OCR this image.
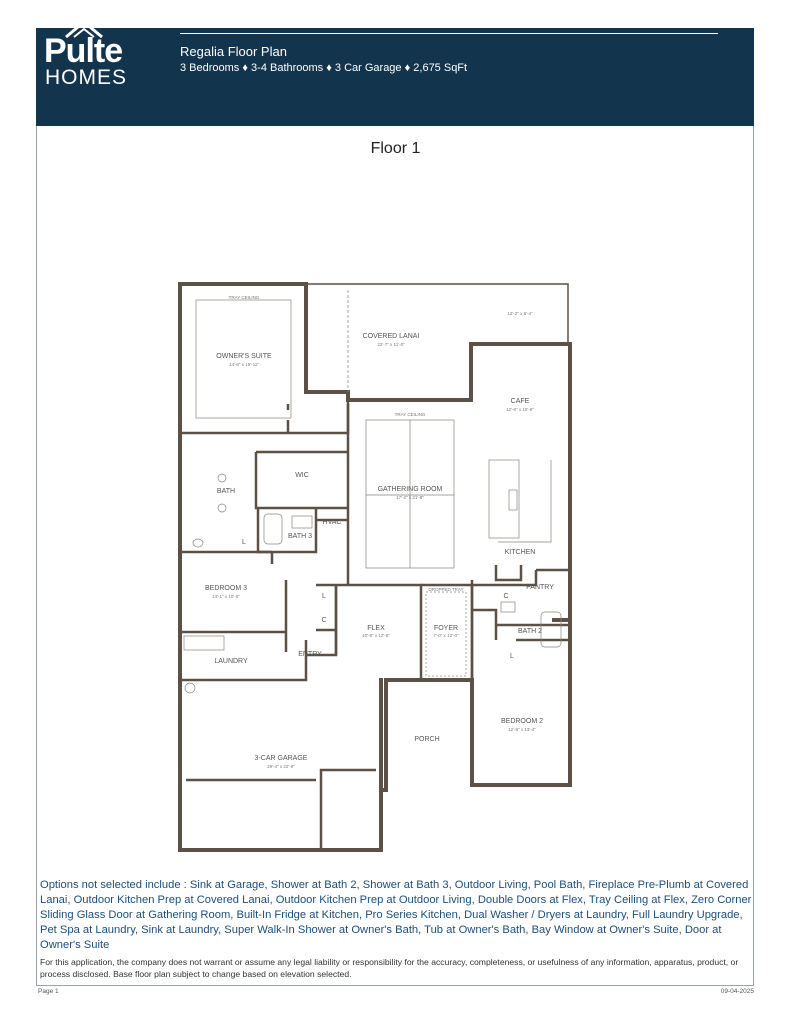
Pulte
HOMES
VIVID SHORES
Regalia Floor Plan
3 Bedrooms ♦ 3-4 Bathrooms ♦ 3 Car Garage ♦ 2,675 SqFt
Floor 1
TRAY CEILING
OWNER'S SUITE
14'-8" x 15'-11"
COVERED LANAI
22'-7" x 11'-0"
12'-2" x 6'-4"
CAFE
12'-8" x 15'-9"
TRAY CEILING
GATHERING ROOM
17'-2" x 21'-8"
WIC
BATH
BATH 3
HVAC
KITCHEN
PANTRY
BEDROOM 3
14'-1" x 10'-0"
DROPPED TRAY
FLEX
10'-9" x 12'-6"
FOYER
7'-0" x 12'-0"
BATH 2
LAUNDRY
ENTRY
BEDROOM 2
12'-8" x 13'-4"
PORCH
3-CAR GARAGE
29'-4" x 22'-9"
L
L
C
C
L
Options not selected include : Sink at Garage, Shower at Bath 2, Shower at Bath 3, Outdoor Living, Pool Bath, Fireplace Pre-Plumb at Covered Lanai, Outdoor Kitchen Prep at Covered Lanai, Outdoor Kitchen Prep at Outdoor Living, Double Doors at Flex, Tray Ceiling at Flex, Zero Corner Sliding Glass Door at Gathering Room, Built-In Fridge at Kitchen, Pro Series Kitchen, Dual Washer / Dryers at Laundry, Full Laundry Upgrade, Pet Spa at Laundry, Sink at Laundry, Super Walk-In Shower at Owner's Bath, Tub at Owner's Bath, Bay Window at Owner's Suite, Door at Owner's Suite
For this application, the company does not warrant or assume any legal liability or responsibility for the accuracy, completeness, or usefulness of any information, apparatus, product, or process disclosed. Base floor plan subject to change based on elevation selected.
Page 1	09-04-2025
